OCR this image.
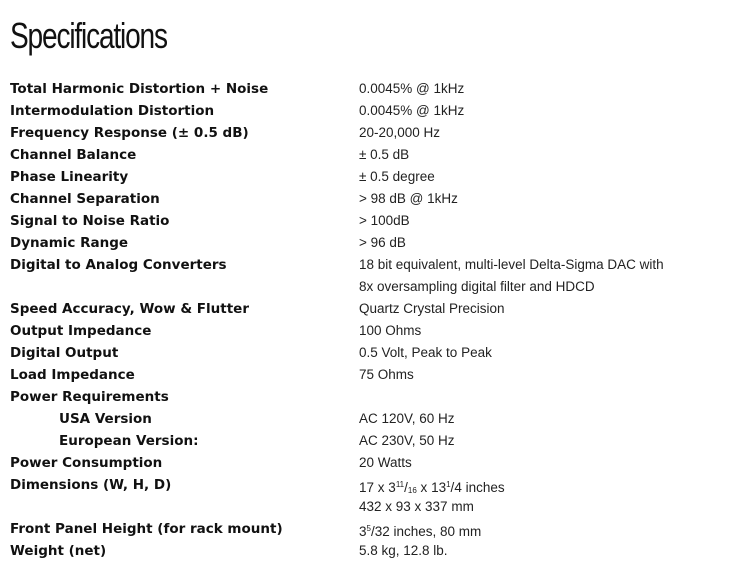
Specifications
Total Harmonic Distortion + Noise	0.0045% @ 1kHz
Intermodulation Distortion	0.0045% @ 1kHz
Frequency Response (± 0.5 dB)	20-20,000 Hz
Channel Balance	± 0.5 dB
Phase Linearity	± 0.5 degree
Channel Separation	> 98 dB @ 1kHz
Signal to Noise Ratio	> 100dB
Dynamic Range	> 96 dB
Digital to Analog Converters	18 bit equivalent, multi-level Delta-Sigma DAC with
8x oversampling digital filter and HDCD
Speed Accuracy, Wow & Flutter	Quartz Crystal Precision
Output Impedance	100 Ohms
Digital Output	0.5 Volt, Peak to Peak
Load Impedance	75 Ohms
Power Requirements
USA Version	AC 120V, 60 Hz
European Version:	AC 230V, 50 Hz
Power Consumption	20 Watts
Dimensions (W, H, D)	17 x $3^{11}/16$ x $13^1/4$ inches
432 x 93 x 337 mm
Front Panel Height (for rack mount)	$3^5/32$ inches, 80 mm
Weight (net)	5.8 kg, 12.8 lb.
